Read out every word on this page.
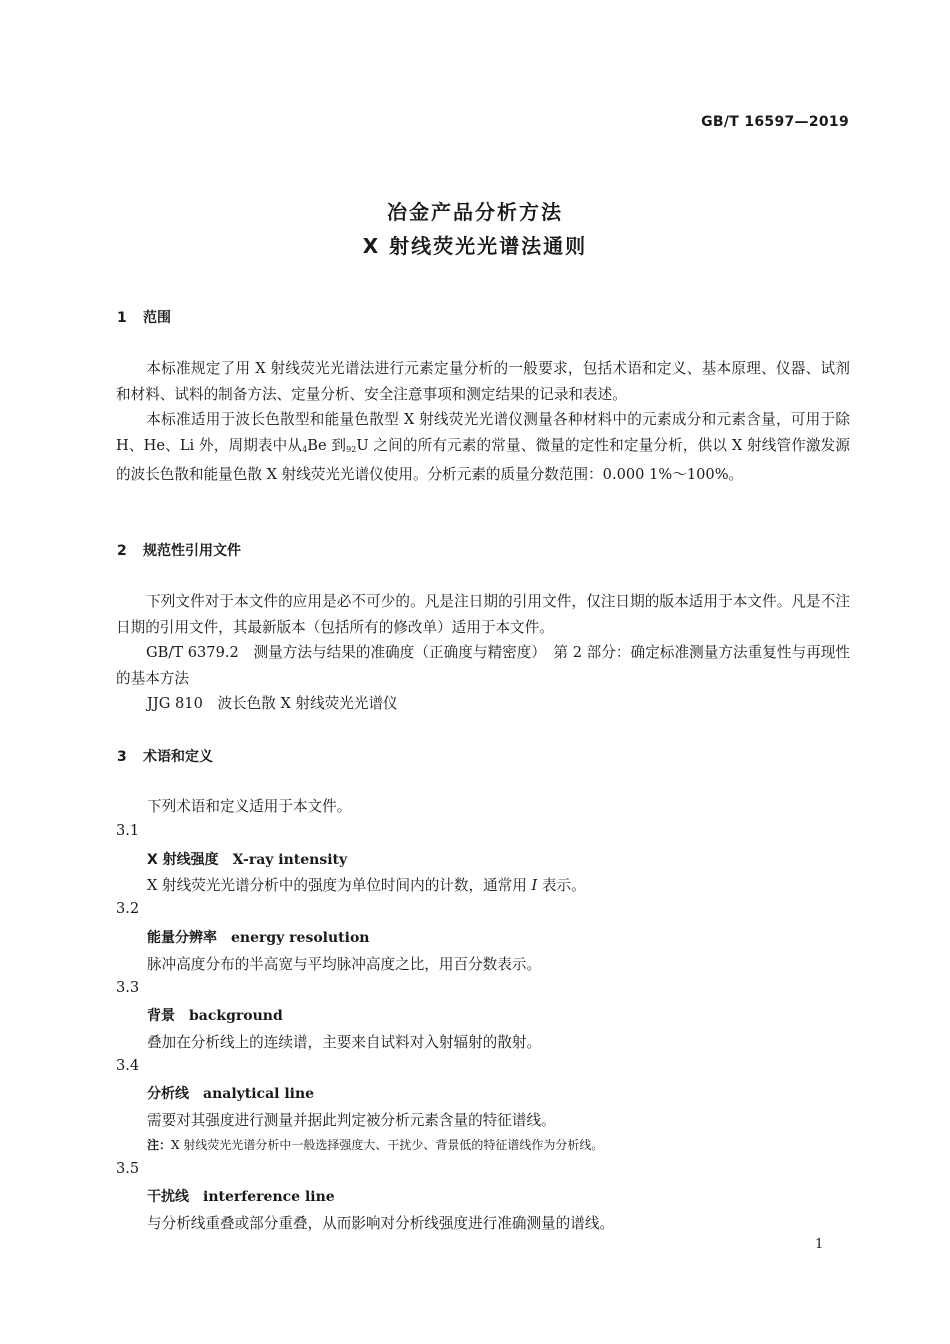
GB/T 16597—2019
冶金产品分析方法
X 射线荧光光谱法通则
1 范围
本标准规定了用 X 射线荧光光谱法进行元素定量分析的一般要求，包括术语和定义、基本原理、仪器、试剂和材料、试料的制备方法、定量分析、安全注意事项和测定结果的记录和表述。
本标准适用于波长色散型和能量色散型 X 射线荧光光谱仪测量各种材料中的元素成分和元素含量，可用于除 H、He、Li 外，周期表中从$_4$Be 到$_{92}$U 之间的所有元素的常量、微量的定性和定量分析，供以 X 射线管作激发源的波长色散和能量色散 X 射线荧光光谱仪使用。分析元素的质量分数范围：0.000 1%～100%。
2 规范性引用文件
下列文件对于本文件的应用是必不可少的。凡是注日期的引用文件，仅注日期的版本适用于本文件。凡是不注日期的引用文件，其最新版本（包括所有的修改单）适用于本文件。
GB/T 6379.2　测量方法与结果的准确度（正确度与精密度）　第 2 部分：确定标准测量方法重复性与再现性的基本方法
JJG 810　波长色散 X 射线荧光光谱仪
3 术语和定义
下列术语和定义适用于本文件。
3.1
X 射线强度 X-ray intensity
X 射线荧光光谱分析中的强度为单位时间内的计数，通常用 I 表示。
3.2
能量分辨率 energy resolution
脉冲高度分布的半高宽与平均脉冲高度之比，用百分数表示。
3.3
背景 background
叠加在分析线上的连续谱，主要来自试料对入射辐射的散射。
3.4
分析线 analytical line
需要对其强度进行测量并据此判定被分析元素含量的特征谱线。
注：X 射线荧光光谱分析中一般选择强度大、干扰少、背景低的特征谱线作为分析线。
3.5
干扰线 interference line
与分析线重叠或部分重叠，从而影响对分析线强度进行准确测量的谱线。
1
